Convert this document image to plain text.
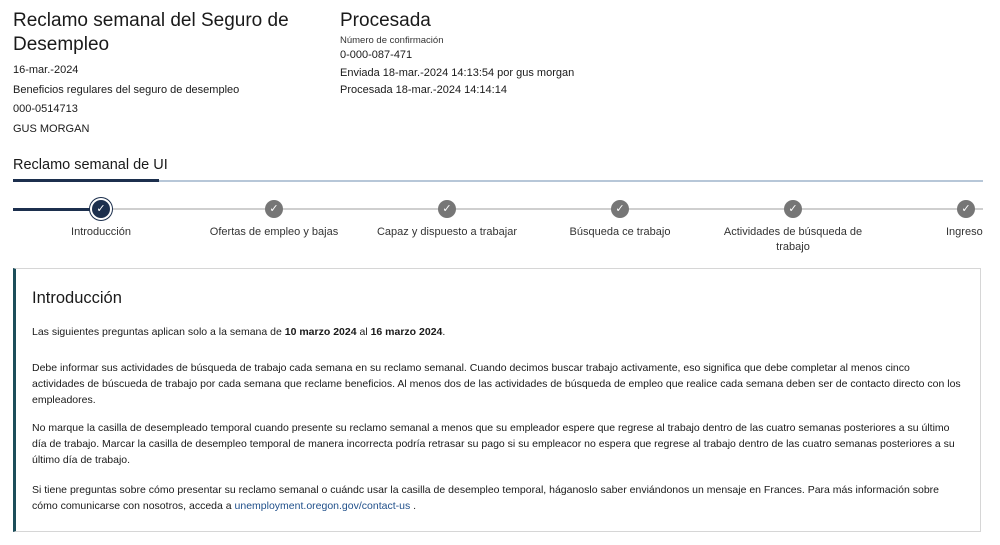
Reclamo semanal del Seguro de Desempleo
16-mar.-2024
Beneficios regulares del seguro de desempleo
000-0514713
GUS MORGAN
Procesada
Número de confirmación
0-000-087-471
Enviada 18-mar.-2024 14:13:54 por gus morgan
Procesada 18-mar.-2024 14:14:14
Reclamo semanal de UI
✓
Introducción
✓
Ofertas de empleo y bajas
✓
Capaz y dispuesto a trabajar
✓
Búsqueda ce trabajo
✓
Actividades de búsqueda de trabajo
✓
Ingreso
Introducción
Las siguientes preguntas aplican solo a la semana de 10 marzo 2024 al 16 marzo 2024.
Debe informar sus actividades de búsqueda de trabajo cada semana en su reclamo semanal. Cuando decimos buscar trabajo activamente, eso significa que debe completar al menos cinco actividades de búscueda de trabajo por cada semana que reclame beneficios. Al menos dos de las actividades de búsqueda de empleo que realice cada semana deben ser de contacto directo con los empleadores.
No marque la casilla de desempleado temporal cuando presente su reclamo semanal a menos que su empleador espere que regrese al trabajo dentro de las cuatro semanas posteriores a su último día de trabajo. Marcar la casilla de desempleo temporal de manera incorrecta podría retrasar su pago si su empleacor no espera que regrese al trabajo dentro de las cuatro semanas posteriores a su último día de trabajo.
Si tiene preguntas sobre cómo presentar su reclamo semanal o cuándc usar la casilla de desempleo temporal, háganoslo saber enviándonos un mensaje en Frances. Para más información sobre cómo comunicarse con nosotros, acceda a unemployment.oregon.gov/contact-us .
